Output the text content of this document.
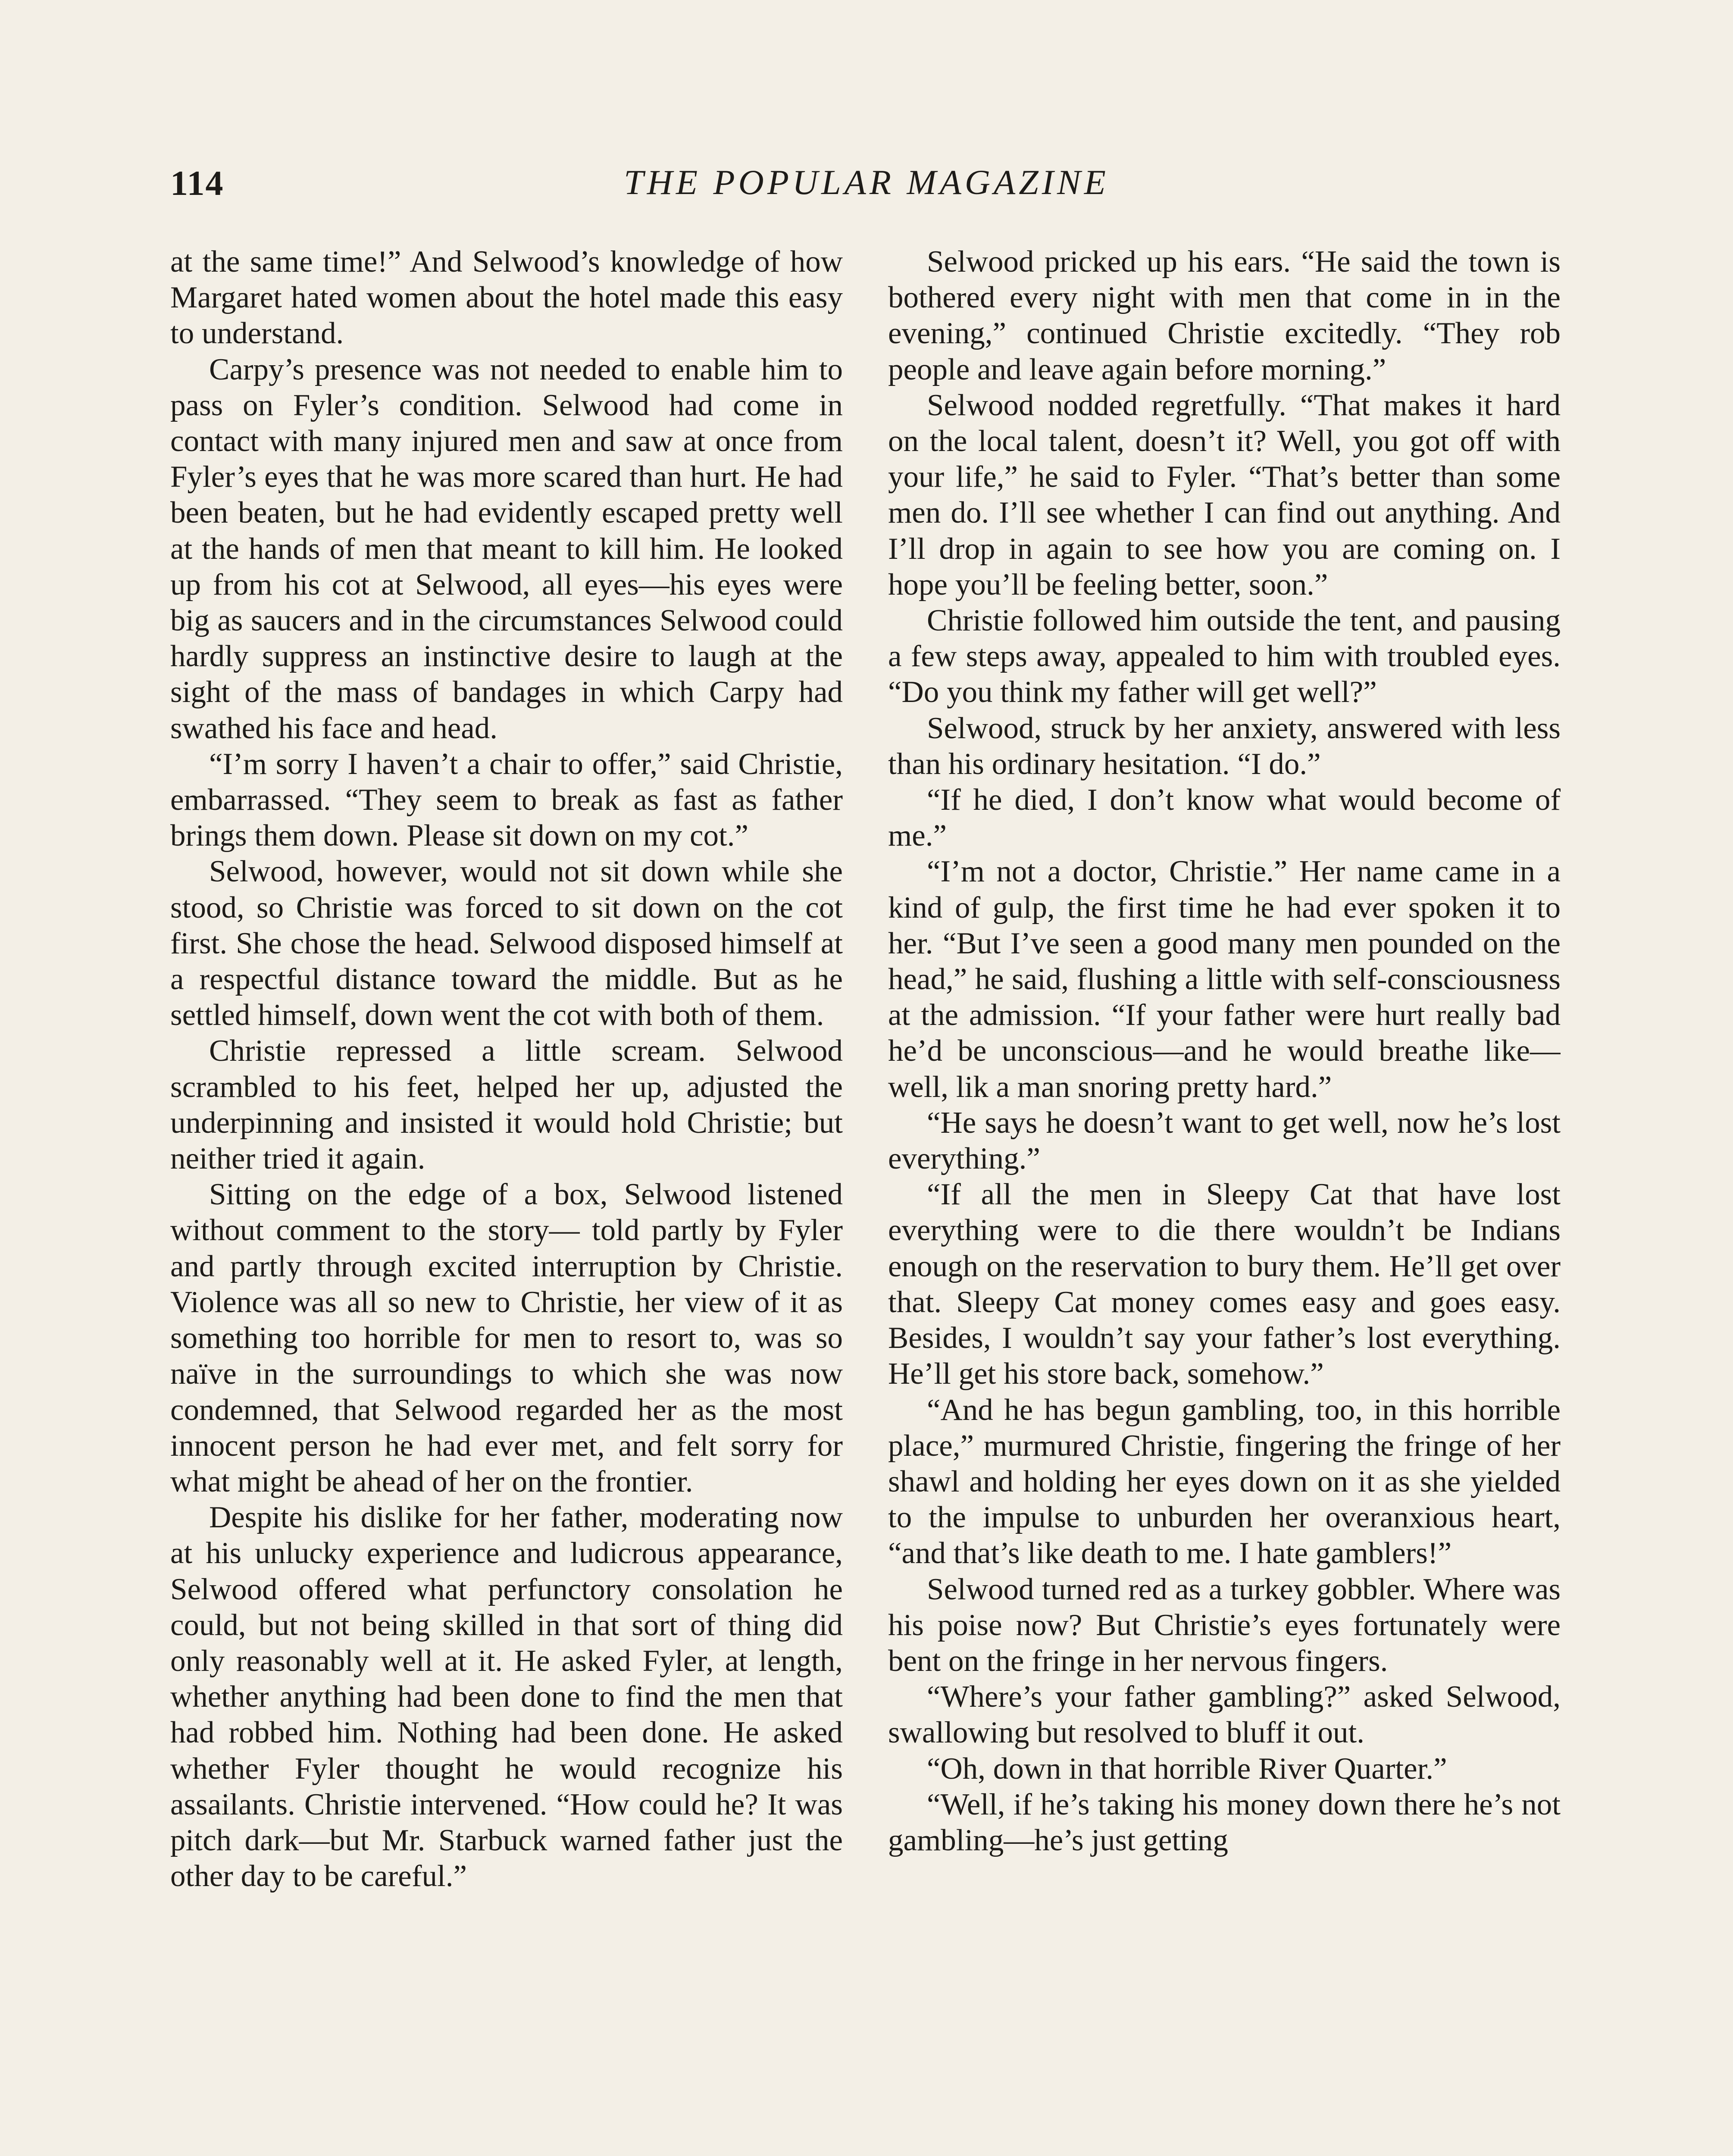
114	THE POPULAR MAGAZINE

at the same time!” And Selwood’s knowledge of how Margaret hated women about the hotel made this easy to understand.

Carpy’s presence was not needed to enable him to pass on Fyler’s condition. Selwood had come in contact with many injured men and saw at once from Fyler’s eyes that he was more scared than hurt. He had been beaten, but he had evidently escaped pretty well at the hands of men that meant to kill him. He looked up from his cot at Selwood, all eyes—his eyes were big as saucers and in the circumstances Selwood could hardly suppress an instinctive desire to laugh at the sight of the mass of bandages in which Carpy had swathed his face and head.

“I’m sorry I haven’t a chair to offer,” said Christie, embarrassed. “They seem to break as fast as father brings them down. Please sit down on my cot.”

Selwood, however, would not sit down while she stood, so Christie was forced to sit down on the cot first. She chose the head. Selwood disposed himself at a respectful distance toward the middle. But as he settled himself, down went the cot with both of them.

Christie repressed a little scream. Selwood scrambled to his feet, helped her up, adjusted the underpinning and insisted it would hold Christie; but neither tried it again.

Sitting on the edge of a box, Selwood listened without comment to the story— told partly by Fyler and partly through excited interruption by Christie. Violence was all so new to Christie, her view of it as something too horrible for men to resort to, was so naïve in the surroundings to which she was now condemned, that Selwood regarded her as the most innocent person he had ever met, and felt sorry for what might be ahead of her on the frontier.

Despite his dislike for her father, moderating now at his unlucky experience and ludicrous appearance, Selwood offered what perfunctory consolation he could, but not being skilled in that sort of thing did only reasonably well at it. He asked Fyler, at length, whether anything had been done to find the men that had robbed him. Nothing had been done. He asked whether Fyler thought he would recognize his assailants. Christie intervened. “How could he? It was pitch dark—but Mr. Starbuck warned father just the other day to be careful.”

Selwood pricked up his ears. “He said the town is bothered every night with men that come in in the evening,” continued Christie excitedly. “They rob people and leave again before morning.”

Selwood nodded regretfully. “That makes it hard on the local talent, doesn’t it? Well, you got off with your life,” he said to Fyler. “That’s better than some men do. I’ll see whether I can find out anything. And I’ll drop in again to see how you are coming on. I hope you’ll be feeling better, soon.”

Christie followed him outside the tent, and pausing a few steps away, appealed to him with troubled eyes. “Do you think my father will get well?”

Selwood, struck by her anxiety, answered with less than his ordinary hesitation. “I do.”

“If he died, I don’t know what would become of me.”

“I’m not a doctor, Christie.” Her name came in a kind of gulp, the first time he had ever spoken it to her. “But I’ve seen a good many men pounded on the head,” he said, flushing a little with self-consciousness at the admission. “If your father were hurt really bad he’d be unconscious—and he would breathe like—well, lik a man snoring pretty hard.”

“He says he doesn’t want to get well, now he’s lost everything.”

“If all the men in Sleepy Cat that have lost everything were to die there wouldn’t be Indians enough on the reservation to bury them. He’ll get over that. Sleepy Cat money comes easy and goes easy. Besides, I wouldn’t say your father’s lost everything. He’ll get his store back, somehow.”

“And he has begun gambling, too, in this horrible place,” murmured Christie, fingering the fringe of her shawl and holding her eyes down on it as she yielded to the impulse to unburden her overanxious heart, “and that’s like death to me. I hate gamblers!”

Selwood turned red as a turkey gobbler. Where was his poise now? But Christie’s eyes fortunately were bent on the fringe in her nervous fingers.

“Where’s your father gambling?” asked Selwood, swallowing but resolved to bluff it out.

“Oh, down in that horrible River Quarter.”

“Well, if he’s taking his money down there he’s not gambling—he’s just getting
